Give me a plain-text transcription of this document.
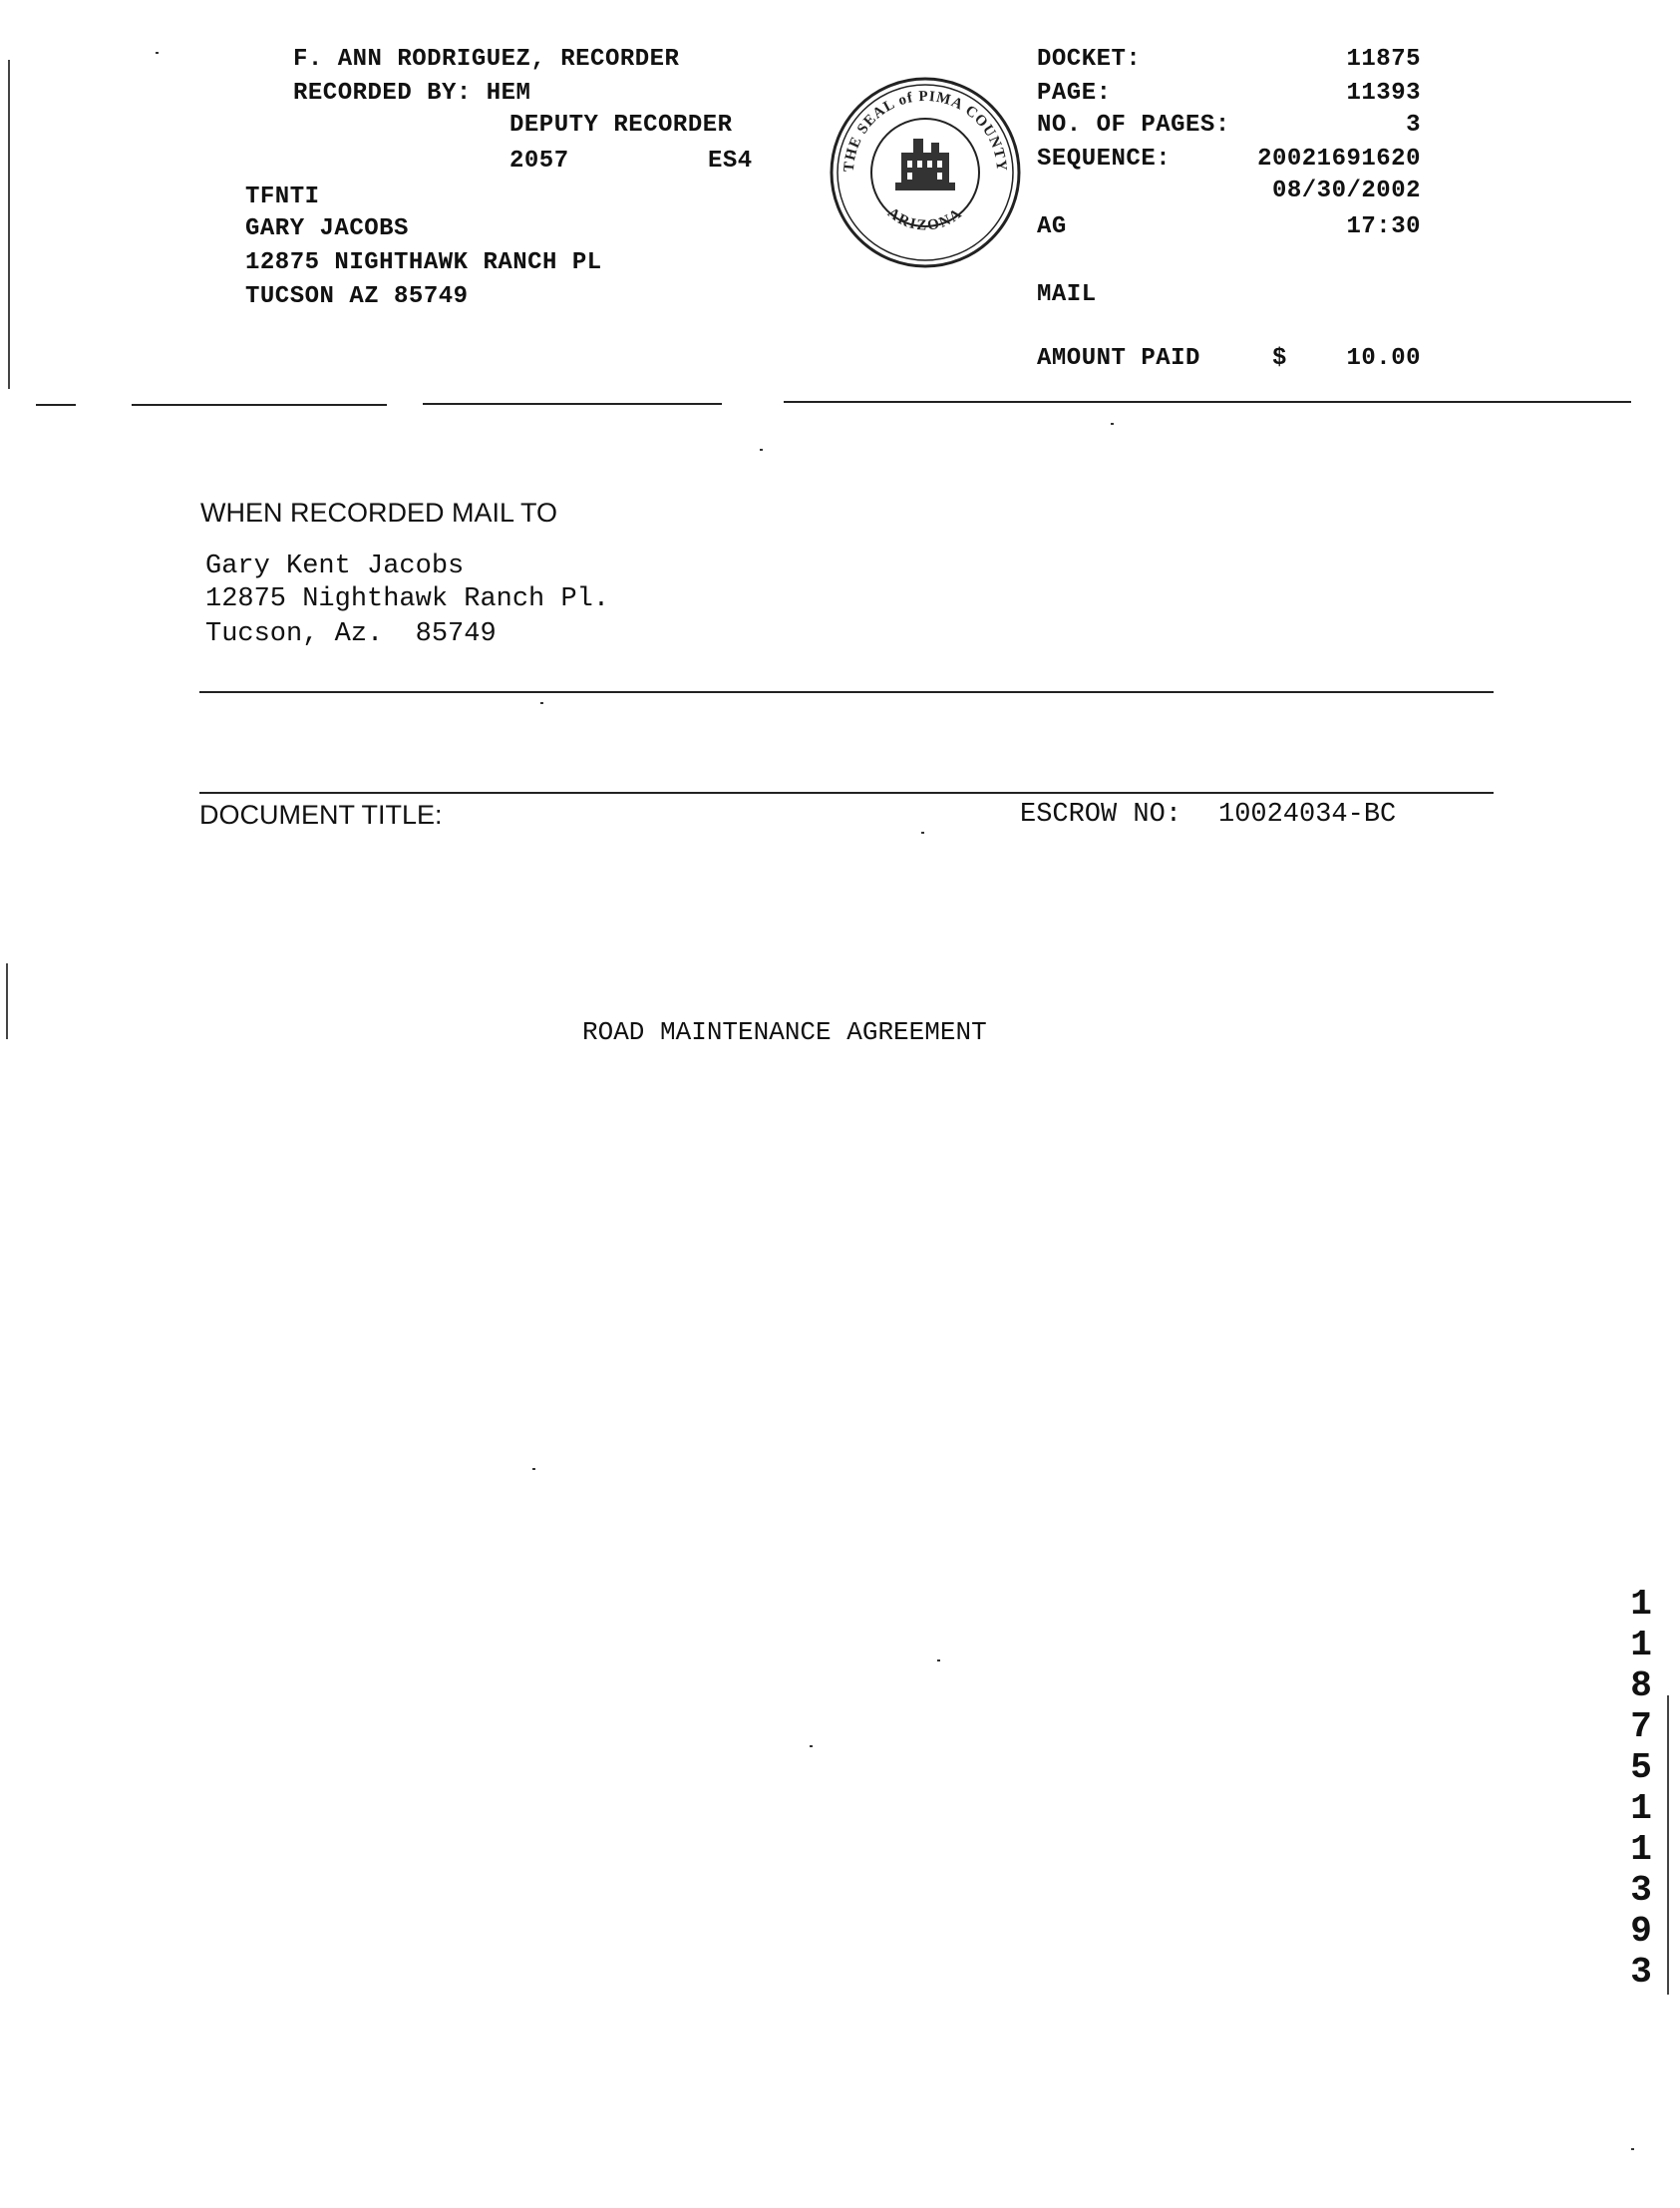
F. ANN RODRIGUEZ, RECORDER
RECORDED BY: HEM
DEPUTY RECORDER
2057	ES4
TFNTI
GARY JACOBS
12875 NIGHTHAWK RANCH PL
TUCSON AZ 85749
THE SEAL of PIMA COUNTY
ARIZONA
DOCKET:	11875
PAGE:	11393
NO. OF PAGES:	3
SEQUENCE:	20021691620
08/30/2002
AG	17:30
MAIL
AMOUNT PAID	$	10.00
WHEN RECORDED MAIL TO
Gary Kent Jacobs
12875 Nighthawk Ranch Pl.
Tucson, Az.  85749
DOCUMENT TITLE:	ESCROW NO: 10024034-BC
ROAD MAINTENANCE AGREEMENT
1
1
8
7
5
1
1
3
9
3
